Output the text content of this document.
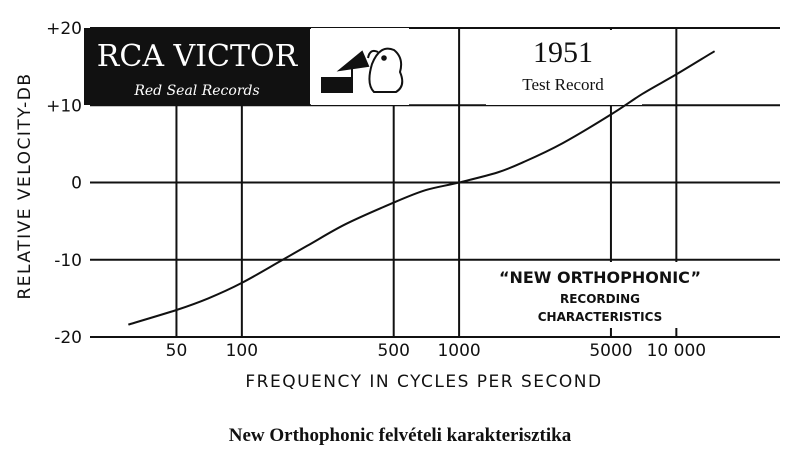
+20
+10
0
-10
-20
50 100	500 1000	5000 10 000
RCA VICTOR
Red Seal Records
1951
Test Record
“NEW ORTHOPHONIC”
RECORDING
CHARACTERISTICS
FREQUENCY IN CYCLES PER SECOND
RELATIVE VELOCITY-DB
New Orthophonic felvételi karakterisztika
